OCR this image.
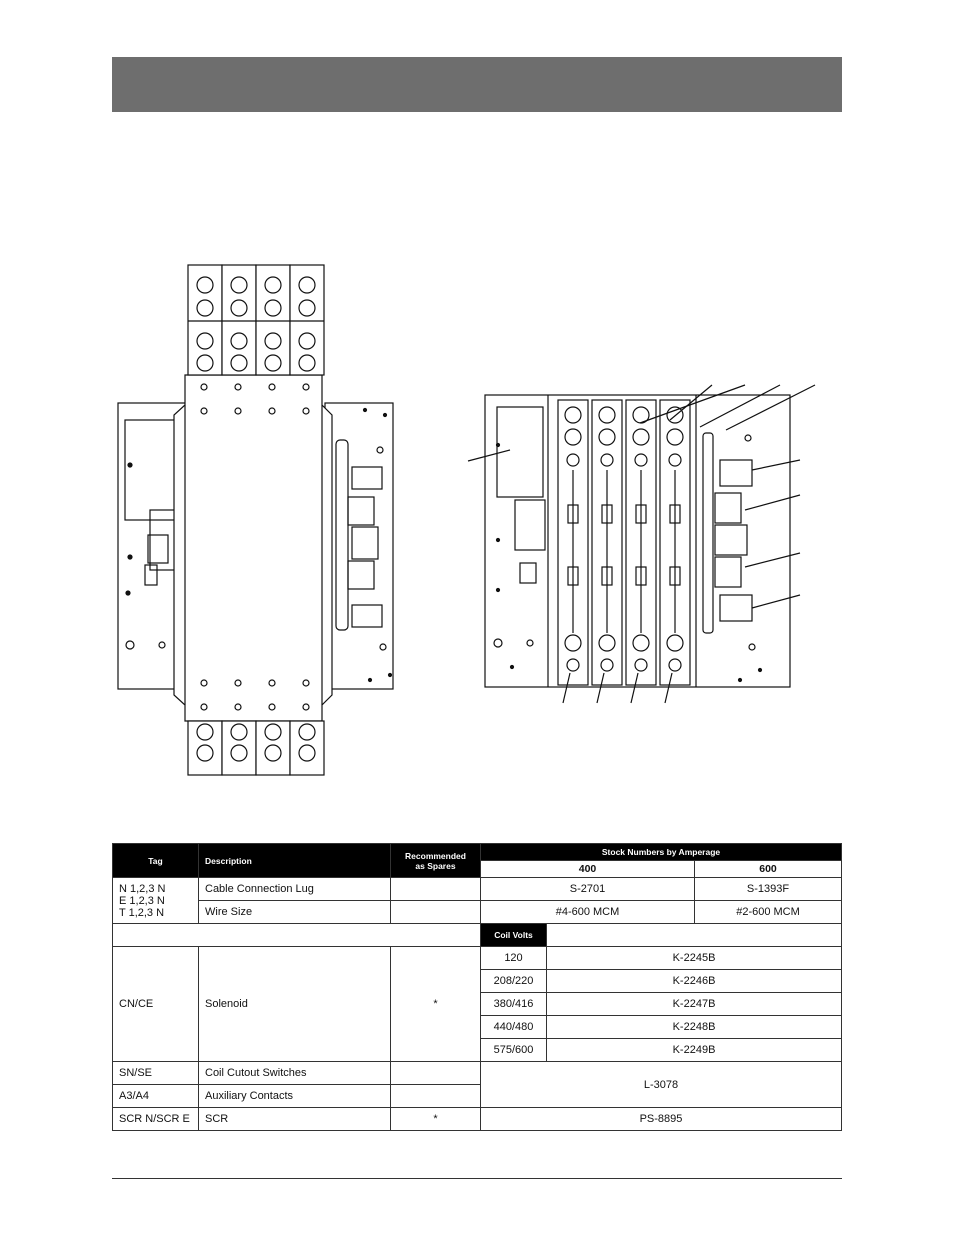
Tag	Description	Recommended as Spares	Stock Numbers by Amperage		
			400		600
N 1,2,3 N
E 1,2,3 N
T 1,2,3 N	Cable Connection Lug		S-2701		S-1393F
	Wire Size		#4-600 MCM		#2-600 MCM
			Coil Volts		
CN/CE	Solenoid	*	120	K-2245B	
			208/220	K-2246B	
			380/416	K-2247B	
			440/480	K-2248B	
			575/600	K-2249B	
SN/SE	Coil Cutout Switches		L-3078		
A3/A4	Auxiliary Contacts				
SCR N/SCR E	SCR	*	PS-8895		
